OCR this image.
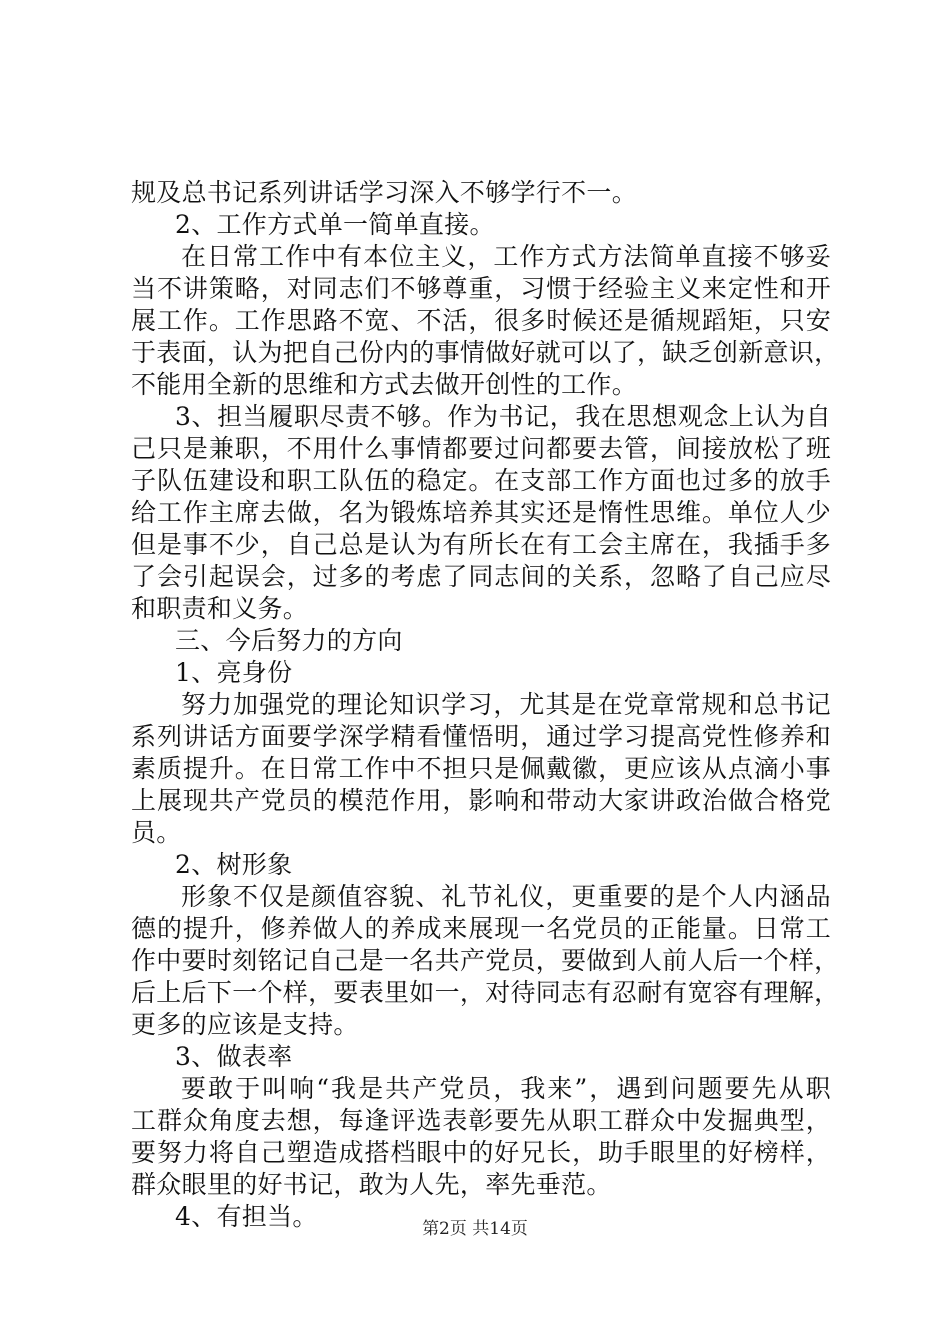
规及总书记系列讲话学习深入不够学行不一。
2、工作方式单一简单直接。
在日常工作中有本位主义，工作方式方法简单直接不够妥
当不讲策略，对同志们不够尊重，习惯于经验主义来定性和开
展工作。工作思路不宽、不活，很多时候还是循规蹈矩，只安
于表面，认为把自己份内的事情做好就可以了，缺乏创新意识，
不能用全新的思维和方式去做开创性的工作。
3、担当履职尽责不够。作为书记，我在思想观念上认为自
己只是兼职，不用什么事情都要过问都要去管，间接放松了班
子队伍建设和职工队伍的稳定。在支部工作方面也过多的放手
给工作主席去做，名为锻炼培养其实还是惰性思维。单位人少
但是事不少，自己总是认为有所长在有工会主席在，我插手多
了会引起误会，过多的考虑了同志间的关系，忽略了自己应尽
和职责和义务。
三、今后努力的方向
1、亮身份
努力加强党的理论知识学习，尤其是在党章常规和总书记
系列讲话方面要学深学精看懂悟明，通过学习提高党性修养和
素质提升。在日常工作中不担只是佩戴徽，更应该从点滴小事
上展现共产党员的模范作用，影响和带动大家讲政治做合格党
员。
2、树形象
形象不仅是颜值容貌、礼节礼仪，更重要的是个人内涵品
德的提升，修养做人的养成来展现一名党员的正能量。日常工
作中要时刻铭记自己是一名共产党员，要做到人前人后一个样，
后上后下一个样，要表里如一，对待同志有忍耐有宽容有理解，
更多的应该是支持。
3、做表率
要敢于叫响“我是共产党员，我来”，遇到问题要先从职
工群众角度去想，每逢评选表彰要先从职工群众中发掘典型，
要努力将自己塑造成搭档眼中的好兄长，助手眼里的好榜样，
群众眼里的好书记，敢为人先，率先垂范。
4、有担当。	第2页 共14页
